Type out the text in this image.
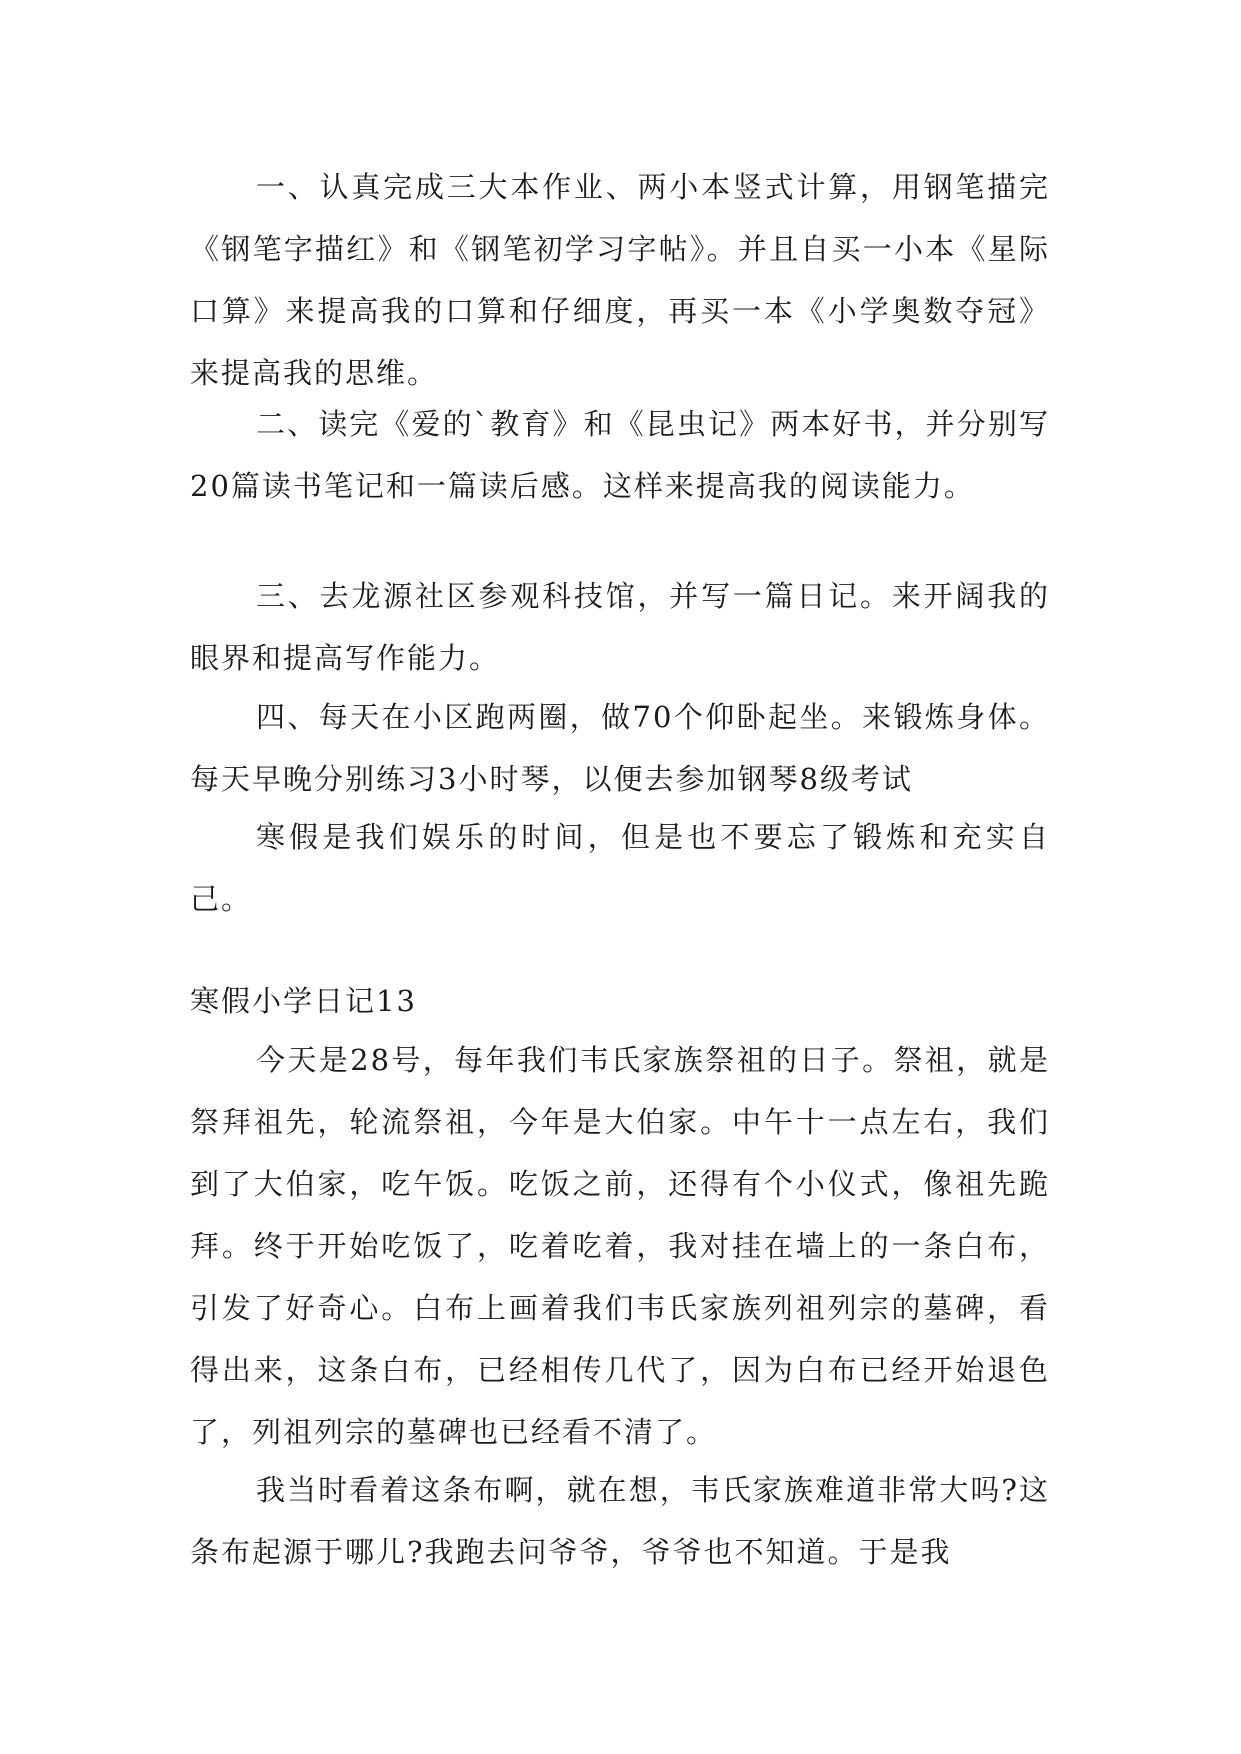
一、认真完成三大本作业、两小本竖式计算，用钢笔描完《钢笔字描红》和《钢笔初学习字帖》。并且自买一小本《星际口算》来提高我的口算和仔细度，再买一本《小学奥数夺冠》来提高我的思维。

二、读完《爱的`教育》和《昆虫记》两本好书，并分别写20篇读书笔记和一篇读后感。这样来提高我的阅读能力。

三、去龙源社区参观科技馆，并写一篇日记。来开阔我的眼界和提高写作能力。

四、每天在小区跑两圈，做70个仰卧起坐。来锻炼身体。每天早晚分别练习3小时琴，以便去参加钢琴8级考试

寒假是我们娱乐的时间，但是也不要忘了锻炼和充实自己。

寒假小学日记13

今天是28号，每年我们韦氏家族祭祖的日子。祭祖，就是祭拜祖先，轮流祭祖，今年是大伯家。中午十一点左右，我们到了大伯家，吃午饭。吃饭之前，还得有个小仪式，像祖先跪拜。终于开始吃饭了，吃着吃着，我对挂在墙上的一条白布，引发了好奇心。白布上画着我们韦氏家族列祖列宗的墓碑，看得出来，这条白布，已经相传几代了，因为白布已经开始退色了，列祖列宗的墓碑也已经看不清了。

我当时看着这条布啊，就在想，韦氏家族难道非常大吗?这条布起源于哪儿?我跑去问爷爷，爷爷也不知道。于是我
